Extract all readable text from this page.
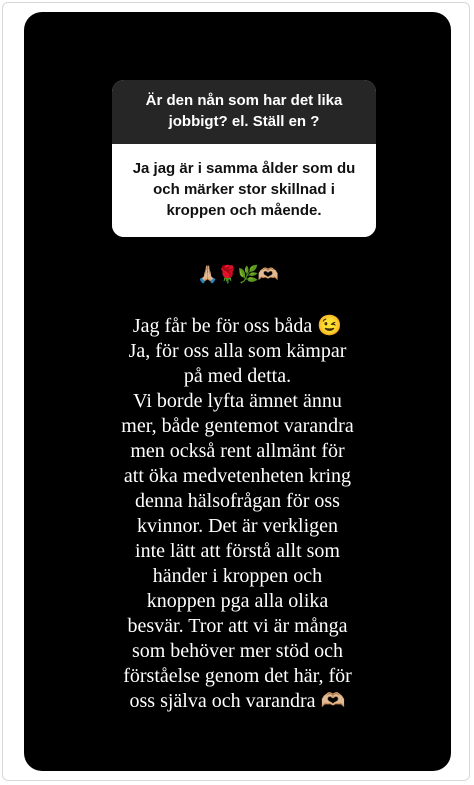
Är den nån som har det lika jobbigt? el. Ställ en ?
Ja jag är i samma ålder som du och märker stor skillnad i kroppen och mående.
🙏🏼🌹🌿🫶🏼
Jag får be för oss båda 😉
Ja, för oss alla som kämpar
på med detta.
Vi borde lyfta ämnet ännu
mer, både gentemot varandra
men också rent allmänt för
att öka medvetenheten kring
denna hälsofrågan för oss
kvinnor. Det är verkligen
inte lätt att förstå allt som
händer i kroppen och
knoppen pga alla olika
besvär. Tror att vi är många
som behöver mer stöd och
förståelse genom det här, för
oss själva och varandra 🫶🏼
